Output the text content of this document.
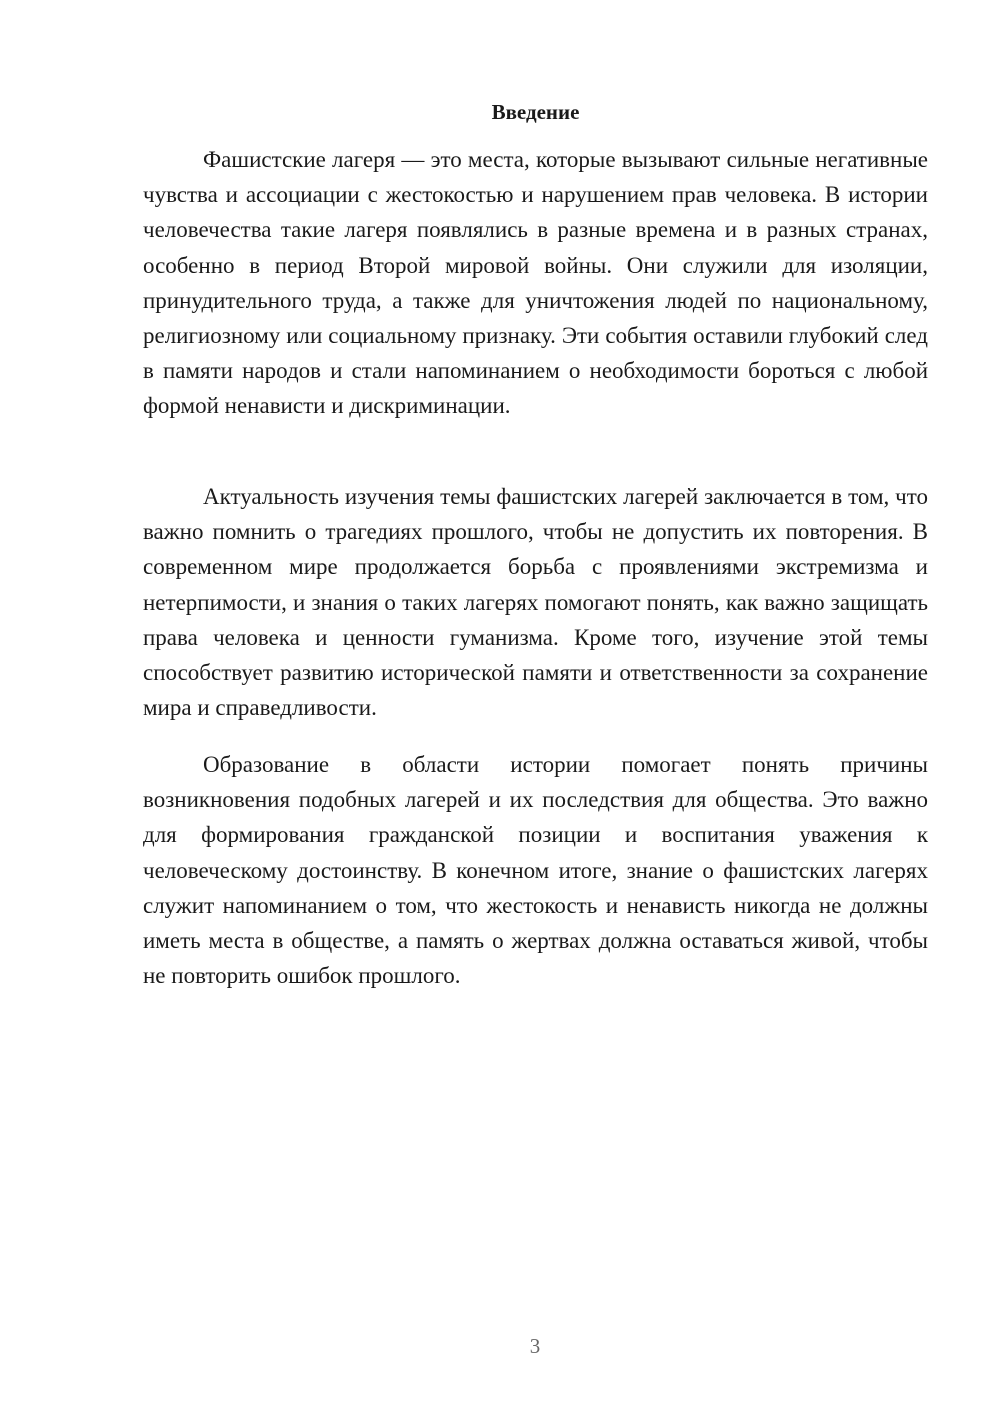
Введение

Фашистские лагеря — это места, которые вызывают сильные негативные чувства и ассоциации с жестокостью и нарушением прав человека. В истории человечества такие лагеря появлялись в разные времена и в разных странах, особенно в период Второй мировой войны. Они служили для изоляции, принудительного труда, а также для уничтожения людей по национальному, религиозному или социальному признаку. Эти события оставили глубокий след в памяти народов и стали напоминанием о необходимости бороться с любой формой ненависти и дискриминации.

Актуальность изучения темы фашистских лагерей заключается в том, что важно помнить о трагедиях прошлого, чтобы не допустить их повторения. В современном мире продолжается борьба с проявлениями экстремизма и нетерпимости, и знания о таких лагерях помогают понять, как важно защищать права человека и ценности гуманизма. Кроме того, изучение этой темы способствует развитию исторической памяти и ответственности за сохранение мира и справедливости.

Образование в области истории помогает понять причины возникновения подобных лагерей и их последствия для общества. Это важно для формирования гражданской позиции и воспитания уважения к человеческому достоинству. В конечном итоге, знание о фашистских лагерях служит напоминанием о том, что жестокость и ненависть никогда не должны иметь места в обществе, а память о жертвах должна оставаться живой, чтобы не повторить ошибок прошлого.

3
